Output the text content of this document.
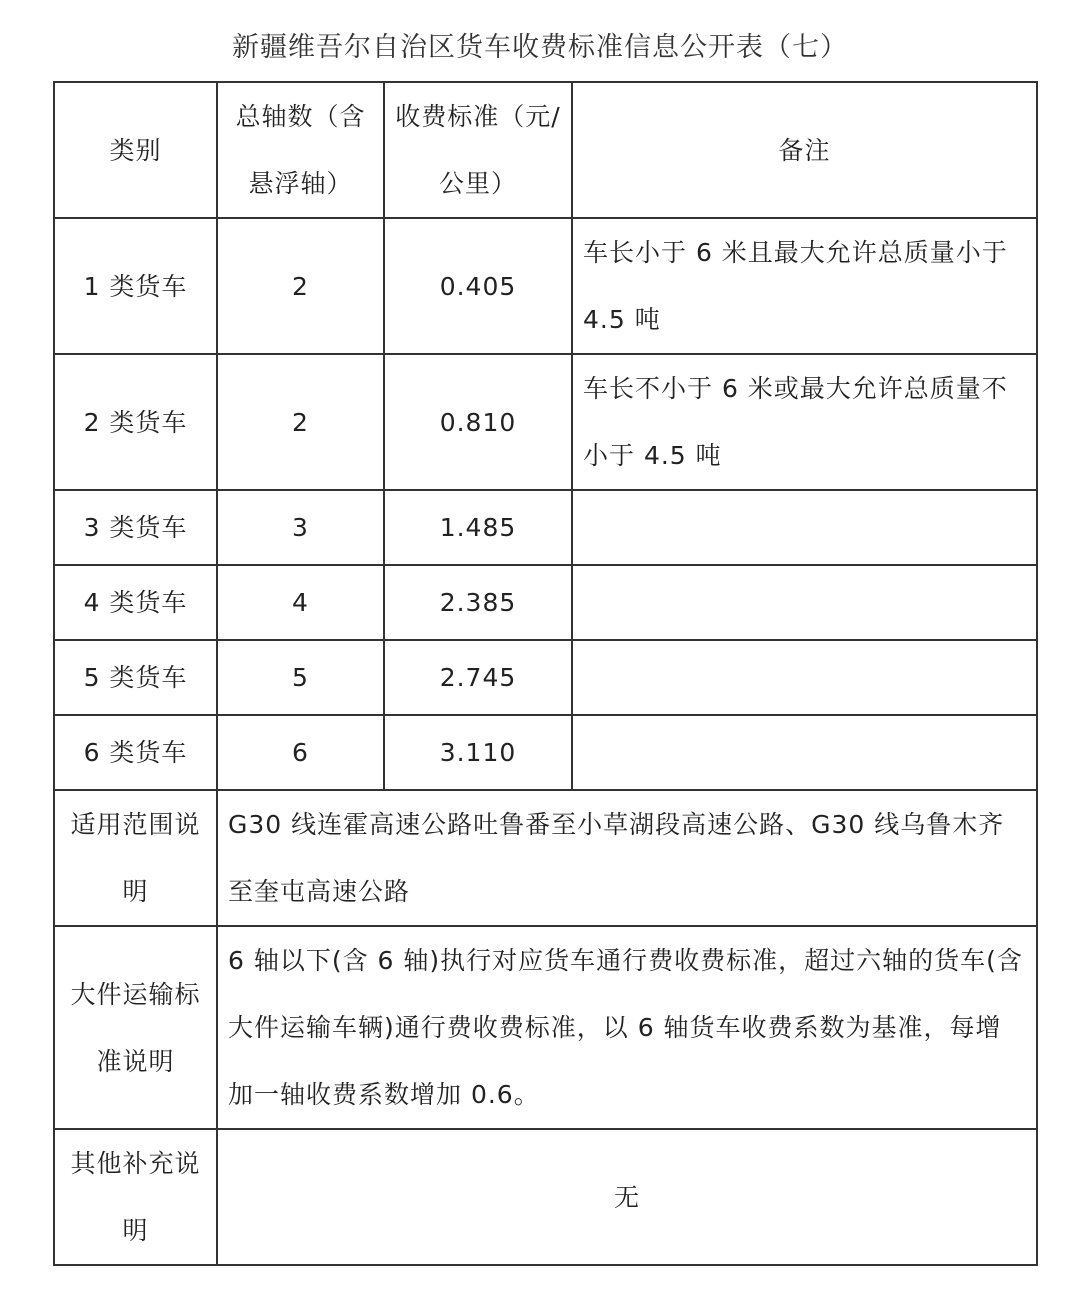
新疆维吾尔自治区货车收费标准信息公开表（七）
类别	总轴数（含悬浮轴）	收费标准（元/公里）	备注
1 类货车	2	0.405	车长小于 6 米且最大允许总质量小于 4.5 吨
2 类货车	2	0.810	车长不小于 6 米或最大允许总质量不小于 4.5 吨
3 类货车	3	1.485	
4 类货车	4	2.385	
5 类货车	5	2.745	
6 类货车	6	3.110	
适用范围说明	G30 线连霍高速公路吐鲁番至小草湖段高速公路、G30 线乌鲁木齐至奎屯高速公路		
大件运输标准说明	6 轴以下(含 6 轴)执行对应货车通行费收费标准，超过六轴的货车(含大件运输车辆)通行费收费标准，以 6 轴货车收费系数为基准，每增加一轴收费系数增加 0.6。		
其他补充说明	无		
